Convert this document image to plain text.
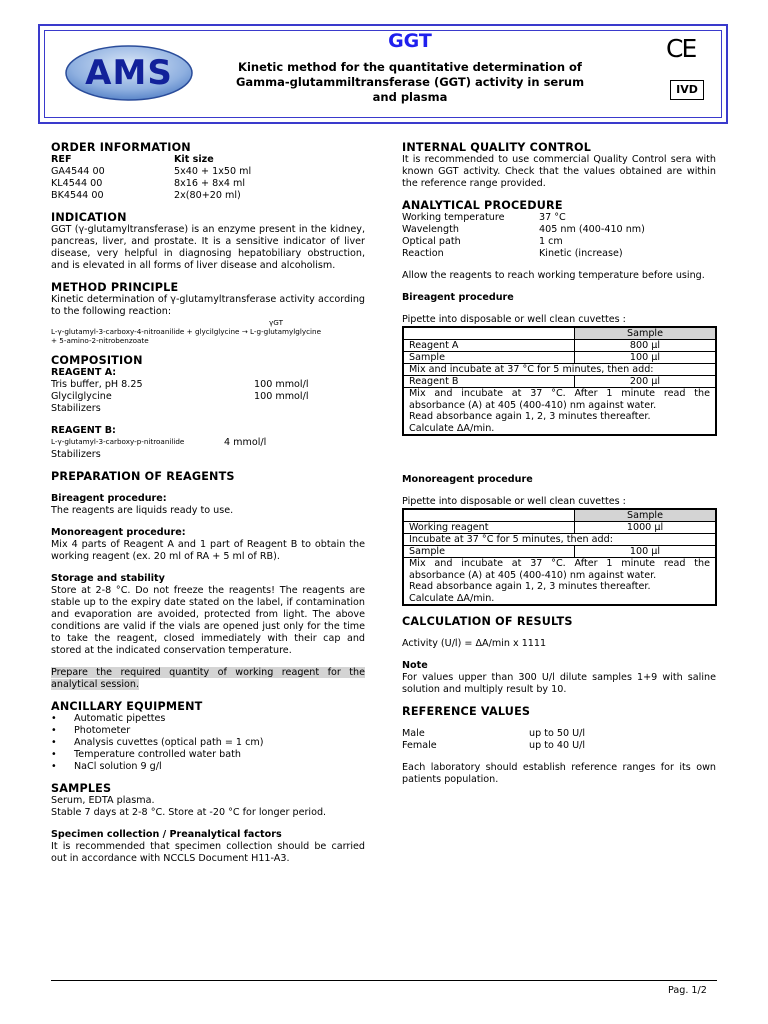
AMS
GGT
Kinetic method for the quantitative determination of
Gamma-glutammiltransferase (GGT) activity in serum
and plasma
CE
IVD
ORDER INFORMATION
REF	Kit size
GA4544 00	5x40 + 1x50 ml
KL4544 00	8x16 + 8x4 ml
BK4544 00	2x(80+20 ml)
INDICATION

GGT (γ-glutamyltransferase) is an enzyme present in the kidney, pancreas, liver, and prostate. It is a sensitive indicator of liver disease, very helpful in diagnosing hepatobiliary obstruction, and is elevated in all forms of liver disease and alcoholism.

METHOD PRINCIPLE

Kinetic determination of γ-glutamyltransferase activity according to the following reaction:

γGT
L-γ-glutamyl-3-carboxy-4-nitroanilide + glycilglycine → L-g-glutamylglycine
+ 5-amino-2-nitrobenzoate
COMPOSITION
REAGENT A:
Tris buffer, pH 8.25	100 mmol/l
Glycilglycine	100 mmol/l
Stabilizers
REAGENT B:
L-γ-glutamyl-3-carboxy-p-nitroanilide	4 mmol/l
Stabilizers
PREPARATION OF REAGENTS
Bireagent procedure:

The reagents are liquids ready to use.

Monoreagent procedure:

Mix 4 parts of Reagent A and 1 part of Reagent B to obtain the working reagent (ex. 20 ml of RA + 5 ml of RB).

Storage and stability

Store at 2-8 °C. Do not freeze the reagents! The reagents are stable up to the expiry date stated on the label, if contamination and evaporation are avoided, protected from light. The above conditions are valid if the vials are opened just only for the time to take the reagent, closed immediately with their cap and stored at the indicated conservation temperature.

Prepare the required quantity of working reagent for the analytical session.

ANCILLARY EQUIPMENT
• Automatic pipettes
• Photometer
• Analysis cuvettes (optical path = 1 cm)
• Temperature controlled water bath
• NaCl solution 9 g/l
SAMPLES

Serum, EDTA plasma.

Stable 7 days at 2-8 °C. Store at -20 °C for longer period.

Specimen collection / Preanalytical factors

It is recommended that specimen collection should be carried out in accordance with NCCLS Document H11-A3.

INTERNAL QUALITY CONTROL

It is recommended to use commercial Quality Control sera with known GGT activity. Check that the values obtained are within the reference range provided.

ANALYTICAL PROCEDURE
Working temperature	37 °C
Wavelength	405 nm (400-410 nm)
Optical path	1 cm
Reaction	Kinetic (increase)

Allow the reagents to reach working temperature before using.

Bireagent procedure

Pipette into disposable or well clean cuvettes :

	Sample
Reagent A	800 µl
Sample	100 µl
Mix and incubate at 37 °C for 5 minutes, then add:	
Reagent B	200 µl

Mix and incubate at 37 °C. After 1 minute read the absorbance (A) at 405 (400-410) nm against water.
Read absorbance again 1, 2, 3 minutes thereafter.
Calculate ΔA/min.	
Monoreagent procedure

Pipette into disposable or well clean cuvettes :

	Sample
Working reagent	1000 µl
Incubate at 37 °C for 5 minutes, then add:	
Sample	100 µl

Mix and incubate at 37 °C. After 1 minute read the absorbance (A) at 405 (400-410) nm against water.
Read absorbance again 1, 2, 3 minutes thereafter.
Calculate ΔA/min.	
CALCULATION OF RESULTS

Activity (U/l) = ΔA/min x 1111

Note

For values upper than 300 U/l dilute samples 1+9 with saline solution and multiply result by 10.

REFERENCE VALUES
Male	up to 50 U/l
Female	up to 40 U/l

Each laboratory should establish reference ranges for its own patients population.

Pag. 1/2
